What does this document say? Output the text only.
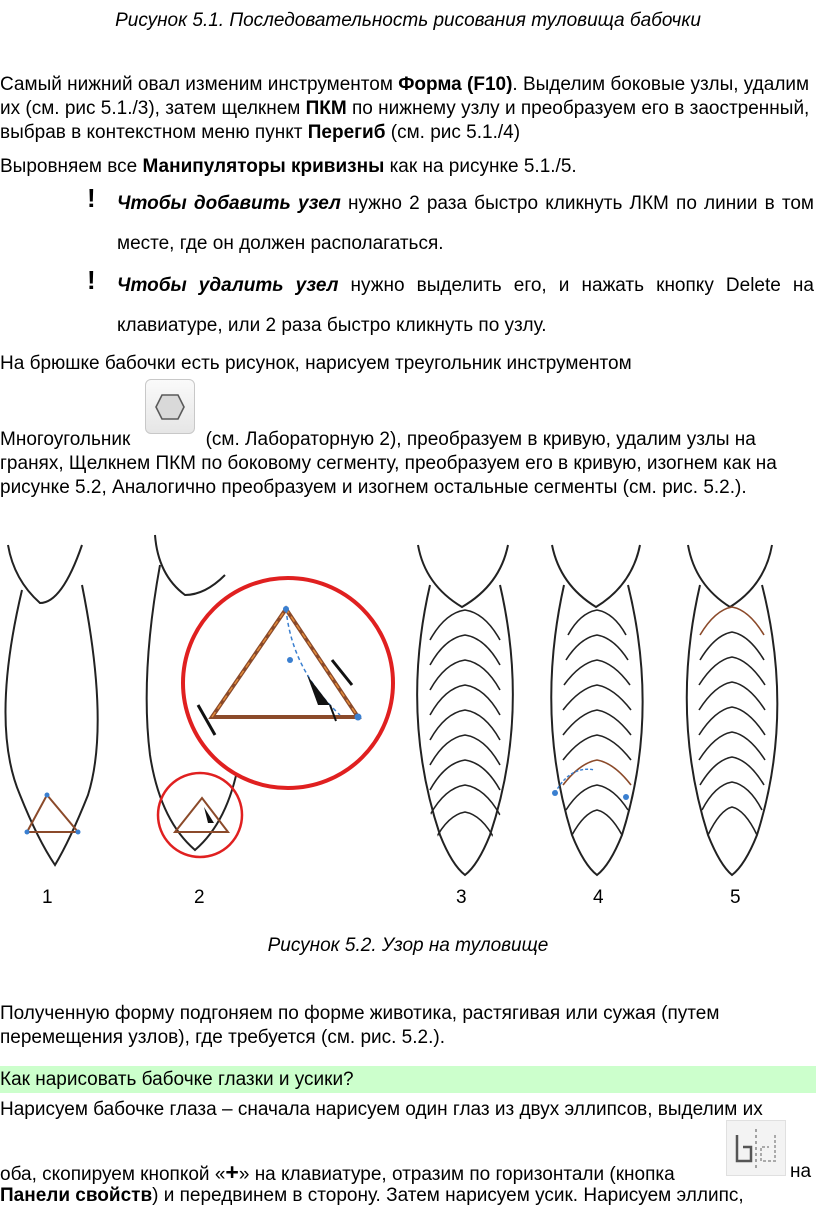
Рисунок 5.1. Последовательность рисования туловища бабочки

Самый нижний овал изменим инструментом Форма (F10). Выделим боковые узлы, удалим их (см. рис 5.1./3), затем щелкнем ПКМ по нижнему узлу и преобразуем его в заостренный, выбрав в контекстном меню пункт Перегиб (см. рис 5.1./4)

Выровняем все Манипуляторы кривизны как на рисунке 5.1./5.

! Чтобы добавить узел нужно 2 раза быстро кликнуть ЛКМ по линии в том месте, где он должен располагаться.

! Чтобы удалить узел нужно выделить его, и нажать кнопку Delete на клавиатуре, или 2 раза быстро кликнуть по узлу.

На брюшке бабочки есть рисунок, нарисуем треугольник инструментом

Многоугольник	(см. Лабораторную 2), преобразуем в кривую, удалим узлы на гранях, Щелкнем ПКМ по боковому сегменту, преобразуем его в кривую, изогнем как на рисунке 5.2, Аналогично преобразуем и изогнем остальные сегменты (см. рис. 5.2.).

1	2	3	4	5

Рисунок 5.2. Узор на туловище

Полученную форму подгоняем по форме животика, растягивая или сужая (путем перемещения узлов), где требуется (см. рис. 5.2.).

Как нарисовать бабочке глазки и усики?

Нарисуем бабочке глаза – сначала нарисуем один глаз из двух эллипсов, выделим их

оба, скопируем кнопкой «+» на клавиатуре, отразим по горизонтали (кнопка	на

Панели свойств) и передвинем в сторону. Затем нарисуем усик. Нарисуем эллипс,
